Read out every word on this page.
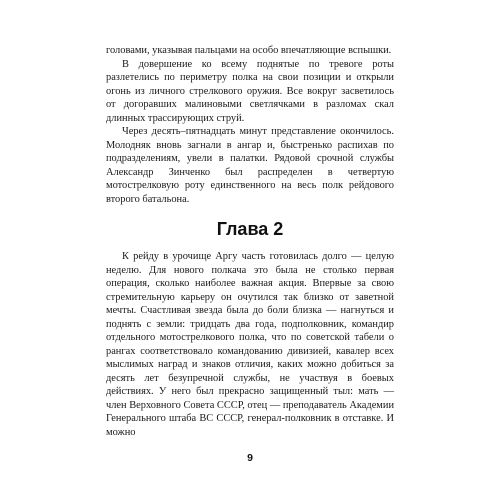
головами, указывая пальцами на особо впечатляющие вспышки.

В довершение ко всему поднятые по тревоге роты разлетелись по периметру полка на свои позиции и открыли огонь из личного стрелкового оружия. Все вокруг засветилось от догоравших малиновыми светлячками в разломах скал длинных трассирующих струй.

Через десять–пятнадцать минут представление окончилось. Молодняк вновь загнали в ангар и, быстренько распихав по подразделениям, увели в палатки. Рядовой срочной службы Александр Зинченко был распределен в четвертую мотострелковую роту единственного на весь полк рейдового второго батальона.

Глава 2

К рейду в урочище Аргу часть готовилась долго — целую неделю. Для нового полкача это была не столько первая операция, сколько наиболее важная акция. Впервые за свою стремительную карьеру он очутился так близко от заветной мечты. Счастливая звезда была до боли близка — нагнуться и поднять с земли: тридцать два года, подполковник, командир отдельного мотострелкового полка, что по советской табели о рангах соответствовало командованию дивизией, кавалер всех мыслимых наград и знаков отличия, каких можно добиться за десять лет безупречной службы, не участвуя в боевых действиях. У него был прекрасно защищенный тыл: мать — член Верховного Совета СССР, отец — преподаватель Академии Генерального штаба ВС СССР, генерал-полковник в отставке. И можно

9
